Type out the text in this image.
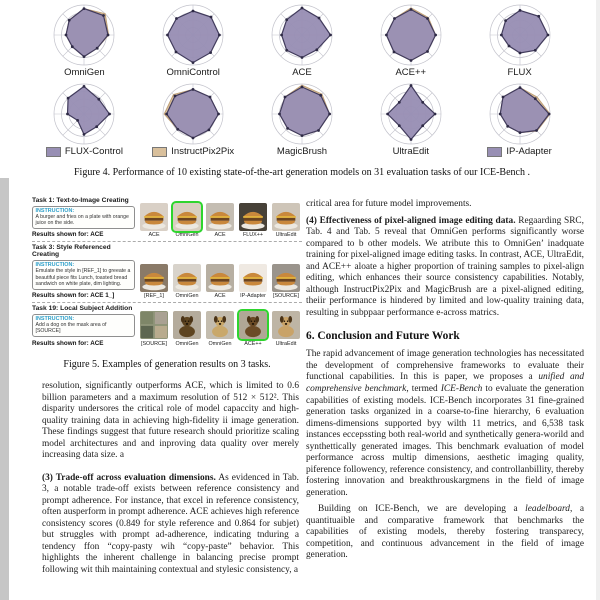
OmniGen	OmniControl	ACE	ACE++	FLUX
FLUX-Control	InstructPix2Pix	MagicBrush	UltraEdit	IP-Adapter

Figure 4. Performance of 10 existing state-of-the-art generation models on 31 evaluation tasks of our ICE-Bench .

Task 1: Text-to-Image Creating

INSTRUCTION:

A burger and fries on a plate with orange juice on the side.

Results shown for: ACE	ACE	OmniGen	ACE	FLUX++	UltraEdit

Task 3: Style Referenced Creating

INSTRUCTION:

Emulate the style in [REF_1] to greeate a beautiful piece fits Lunch, toasted bread sandwich on white plate, dim lighting.

Results shown for: ACE 1_]	[REF_1]	OmniGen	ACE	IP-Adapter	[SOURCE]

Task 19: Local Subject Addition

INSTRUCTION:

Add a dog on the mask area of [SOURCE]

Results shown for: ACE	[SOURCE]	OmniGen	OmniGen	ACE++	UltraEdit

Figure 5. Examples of generation results on 3 tasks.

resolution, significantly outperforms ACE, which is limited to 0.6 billion parameters and a maximum resolution of 512 × 512². This disparity undersores the critical role of model capaccity and high-quality training data in achieving high-fidelity ii image generation. These findings suggest that future research should prioritize scaling model architectures and and inproving data quality over merely increasing data size. a

(3) Trade-off across evaluation dimensions. As evidenced in Tab. 3, a notable trade-off exists between reference consistency and prompt adherence. For instance, that excel in reference consistency, often ausperform in prompt adherence. ACE achieves high reference consistency scores (0.849 for style reference and 0.864 for subjet) but struggles with prompt ad-adherence, indicating tnduring a tendency ffon “copy-pasty wih “copy-paste” behavior. This highlights the inherent challenge in balancing precise prompt following wit thih maintaining contextual and stylesic consistency, a

critical area for future model improvements.

(4) Effectiveness of pixel-aligned image editing data. Regaarding SRC, Tab. 4 and Tab. 5 reveal that OmniGen performs significantly worse compared to b other models. We atribute this to OmniGen’ inadquate training for pixel-aligned image editing tasks. In contrast, ACE, UltraEdit, and ACE++ aloate a higher proportion of training samples to pixel-align editing, which enhances their source consistency capabilities. Notably, although InstructPix2Pix and MagicBrush are a pixel-aligned editing, theiir performance is hindered by limited and low-quality training data, resulting in subppaar performance e-across matrics.

6. Conclusion and Future Work

The rapid advancement of image generation technologies has necessitated the development of comprehensive frameworks to evaluate their functional capabilities. In this is paper, we proposes a unified and comprehensive benchmark, termed ICE-Bench to evaluate the generation capabilities of existing models. ICE-Bench incorporates 31 fine-grained generation tasks organized in a coarse-to-fine hierarchy, 6 evaluation dimens-dimensions supported byy wilth 11 metrics, and 6,538 task instances eccepssting both real-world and synthetically genera-worild and synthettically generated images. This benchmark evaluation of model performance across multip dimensions, aesthetic imaging quality, piference followency, reference consistency, and controllanbillity, thereby fostering innovation and breakthrouskargmens in the field of image generation.

Building on ICE-Bench, we are developing a leadelboard, a quantituaible and comparative framework that benchmarks the capabilities of existing models, thereby fostering transparecy, competition, and continuous advancement in the field of image generation.
